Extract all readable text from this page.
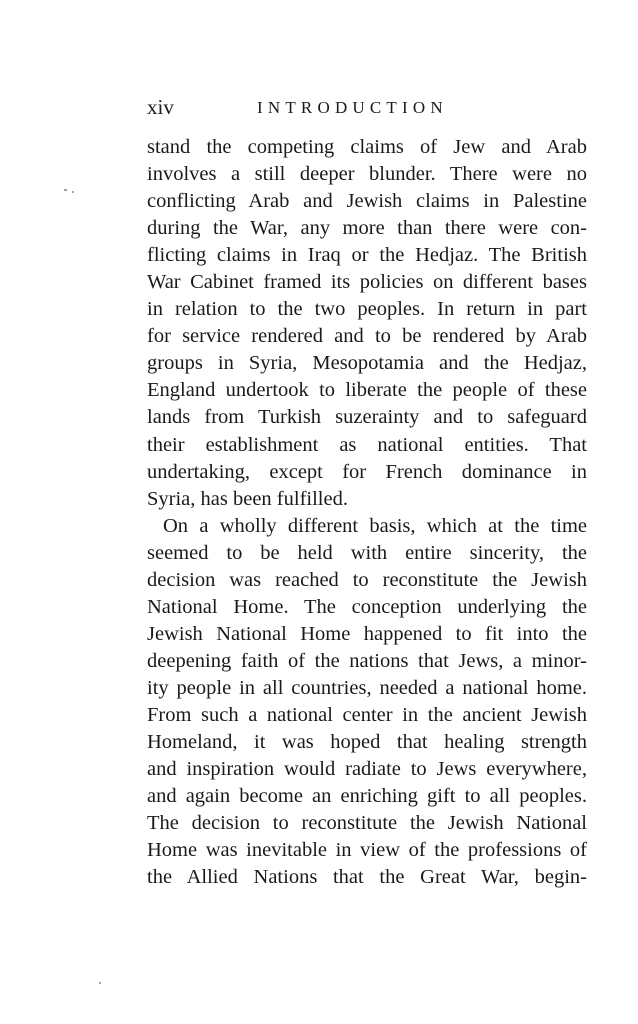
xiv	INTRODUCTION
stand the competing claims of Jew and Arab
involves a still deeper blunder. There were no
conflicting Arab and Jewish claims in Palestine
during the War, any more than there were con-
flicting claims in Iraq or the Hedjaz. The British
War Cabinet framed its policies on different bases
in relation to the two peoples. In return in part
for service rendered and to be rendered by Arab
groups in Syria, Mesopotamia and the Hedjaz,
England undertook to liberate the people of these
lands from Turkish suzerainty and to safeguard
their establishment as national entities. That
undertaking, except for French dominance in
Syria, has been fulfilled.
On a wholly different basis, which at the time
seemed to be held with entire sincerity, the
decision was reached to reconstitute the Jewish
National Home. The conception underlying the
Jewish National Home happened to fit into the
deepening faith of the nations that Jews, a minor-
ity people in all countries, needed a national home.
From such a national center in the ancient Jewish
Homeland, it was hoped that healing strength
and inspiration would radiate to Jews everywhere,
and again become an enriching gift to all peoples.
The decision to reconstitute the Jewish National
Home was inevitable in view of the professions of
the Allied Nations that the Great War, begin-
